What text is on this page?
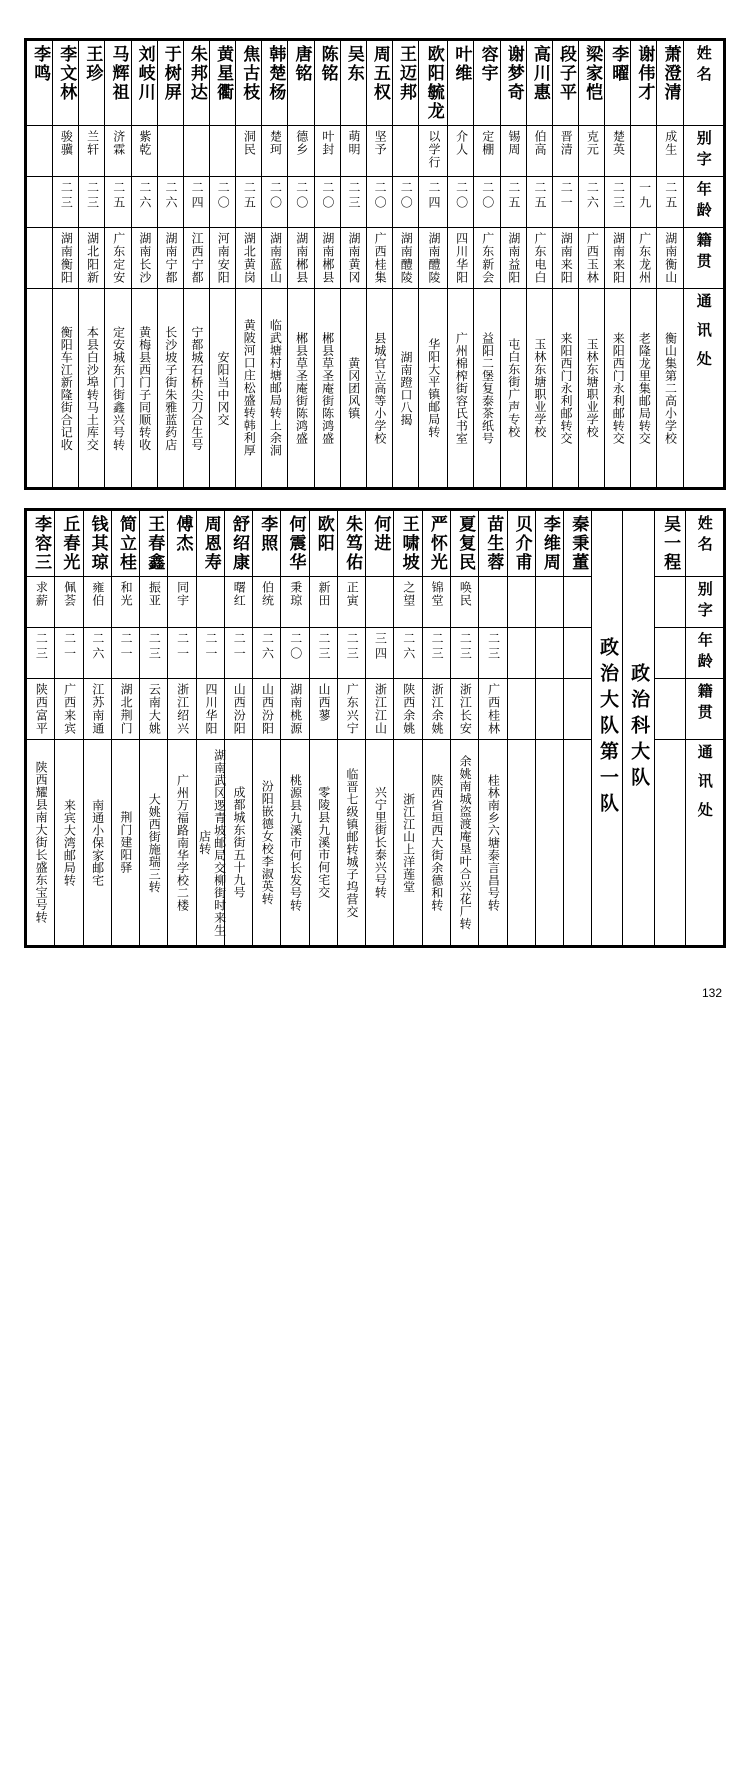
李鸣	李文林	王珍	马辉祖	刘岐川	于树屏	朱邦达	黄星衢	焦古枝	韩楚杨	唐铭	陈铭	吴东	周五权	王迈邦	欧阳毓龙	叶维	容宇	谢梦奇	高川惠	段子平	梁家恺	李曜	谢伟才	萧澄清	姓名

	骏骥	兰轩	济霖	紫乾				洞民	楚珂	德乡	叶封	萌明	坚予		以学行	介人	定棚	锡周	伯高	晋清	克元	楚英		成生	别字

	二三	二三	二五	二六	二六	二四	二〇	二五	二〇	二〇	二〇	二三	二〇	二〇	二四	二〇	二〇	二五	二五	二一	二六	二三	一九	二五	年龄

	湖南衡阳	湖北阳新	广东定安	湖南长沙	湖南宁都	江西宁都	河南安阳	湖北黄岗	湖南蓝山	湖南郴县	湖南郴县	湖南黄冈	广西桂集	湖南醴陵	湖南醴陵	四川华阳	广东新会	湖南益阳	广东电白	湖南来阳	广西玉林	湖南来阳	广东龙州	湖南衡山	籍贯

	衡阳车江新隆街合记收	本县白沙埠转马土库交	定安城东门街鑫兴号转	黄梅县西门子同顺转收	长沙坡子街朱雅蓝药店	宁都城石桥尖刀合生号	安阳当中冈交	黄陂河口庄松盛转韩利厚	临武塘村塘邮局转上余洞	郴县草圣庵街陈鸿盛	郴县草圣庵街陈鸿盛	黄冈团风镇	县城官立高等小学校	湖南蹬口八揭	华阳大平镇邮局转	广州棉榨街容氏书室	益阳二堡复泰茶纸号	屯白东街广声专校	玉林东塘职业学校	来阳西门永利邮转交	玉林东塘职业学校	来阳西门永利邮转交	老隆龙里集邮局转交	衡山集第二高小学校	通讯处
李容三	丘春光	钱其琼	简立桂	王春鑫	傅杰	周恩寿	舒绍康	李照	何震华	欧阳	朱笃佑	何进	王啸坡	严怀光	夏复民	苗生蓉	贝介甫	李维周	秦秉董	政治大队第一队	政治科大队	吴一程	姓名

求薪	佩荟	雍伯	和光	振亚	同宇		曙红	伯统	秉琼	新田	正寅		之望	锦堂	唤民								别字

二三	二一	二六	二一	二三	二一	二一	二一	二六	二〇	二三	二三	三四	二六	二三	二三	二三							年龄

陕西富平	广西来宾	江苏南通	湖北荆门	云南大姚	浙江绍兴	四川华阳	山西汾阳	山西汾阳	湖南桃源	山西蓼	广东兴宁	浙江江山	陕西余姚	浙江余姚	浙江长安	广西桂林							籍贯

陕西耀县南大街长盛东宝号转	来宾大湾邮局转	南通小保家邮宅	荆门建阳驿	大姚西街施瑞三转	广州万福路南华学校二楼	湖南武冈逻青坡邮局交柳街时来生店转	成都城东街五十九号	汾阳嵌德女校李淑英转	桃源县九溪市何长发号转	零陵县九溪市何宅交	临晋七级镇邮转城子坞营交	兴宁里街长泰兴号转	浙江江山上洋莲堂	陕西省垣西大街余德和转	余姚南城盗渡庵垦叶合兴花厂转	桂林南乡六塘泰言昌号转							通讯处
132
